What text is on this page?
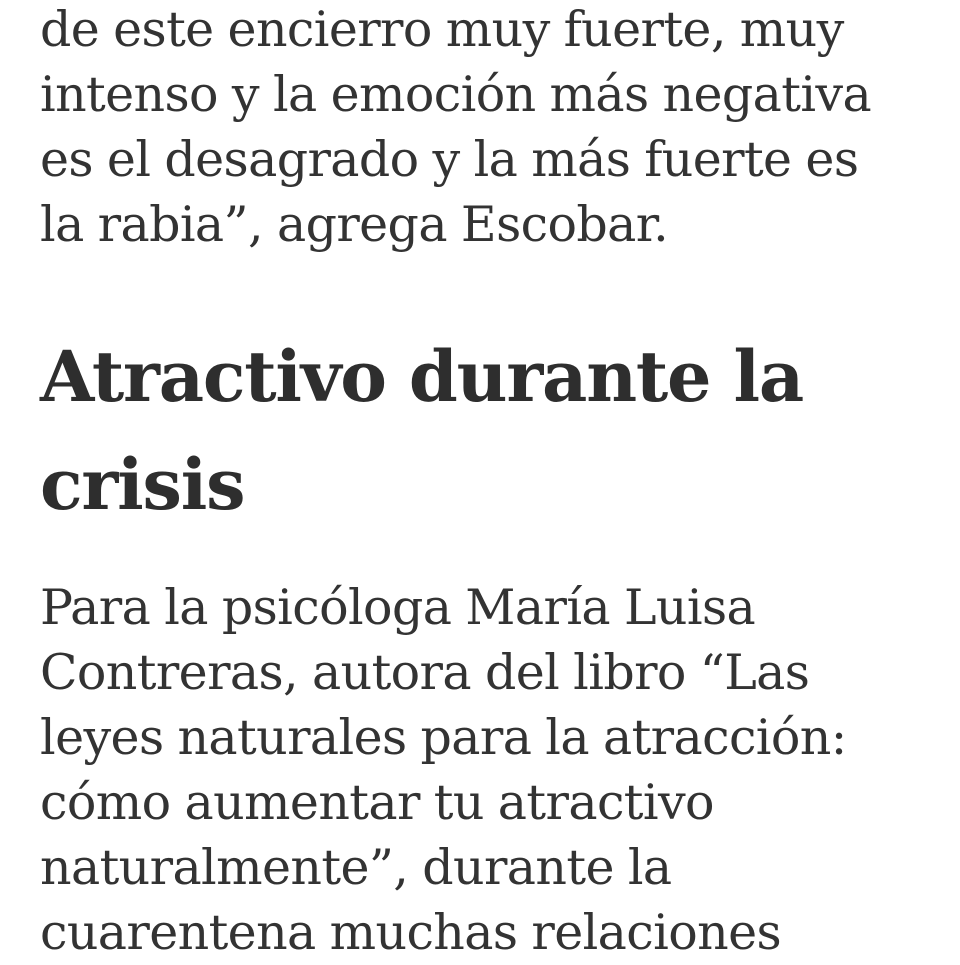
de este encierro muy fuerte, muy
intenso y la emoción más negativa
es el desagrado y la más fuerte es
la rabia”, agrega Escobar.

Atractivo durante la
crisis

Para la psicóloga María Luisa
Contreras, autora del libro “Las
leyes naturales para la atracción:
cómo aumentar tu atractivo
naturalmente”, durante la
cuarentena muchas relaciones
